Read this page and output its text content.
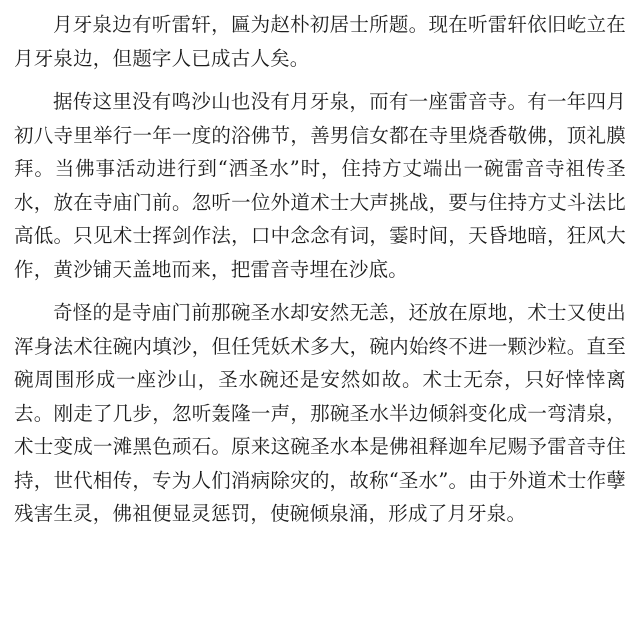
月牙泉边有听雷轩，匾为赵朴初居士所题。现在听雷轩依旧屹立在月牙泉边，但题字人已成古人矣。

据传这里没有鸣沙山也没有月牙泉，而有一座雷音寺。有一年四月初八寺里举行一年一度的浴佛节，善男信女都在寺里烧香敬佛，顶礼膜拜。当佛事活动进行到“洒圣水”时，住持方丈端出一碗雷音寺祖传圣水，放在寺庙门前。忽听一位外道术士大声挑战，要与住持方丈斗法比高低。只见术士挥剑作法，口中念念有词，霎时间，天昏地暗，狂风大作，黄沙铺天盖地而来，把雷音寺埋在沙底。

奇怪的是寺庙门前那碗圣水却安然无恙，还放在原地，术士又使出浑身法术往碗内填沙，但任凭妖术多大，碗内始终不进一颗沙粒。直至碗周围形成一座沙山，圣水碗还是安然如故。术士无奈，只好悻悻离去。刚走了几步，忽听轰隆一声，那碗圣水半边倾斜变化成一弯清泉，术士变成一滩黑色顽石。原来这碗圣水本是佛祖释迦牟尼赐予雷音寺住持，世代相传，专为人们消病除灾的，故称“圣水”。由于外道术士作孽残害生灵，佛祖便显灵惩罚，使碗倾泉涌，形成了月牙泉。
